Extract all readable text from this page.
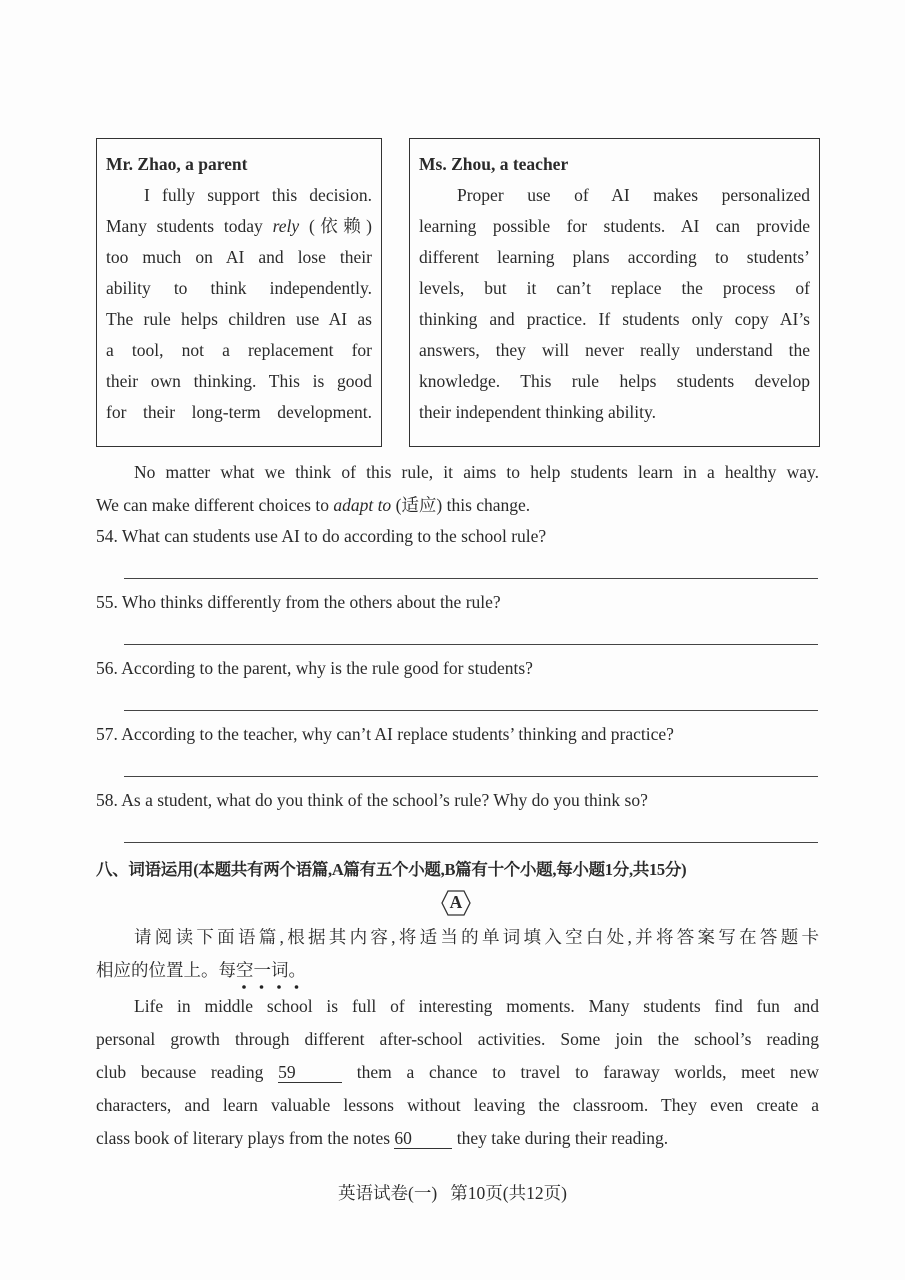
Mr. Zhao, a parent
I fully support this decision.
Many students today rely (依赖)
too much on AI and lose their
ability to think independently.
The rule helps children use AI as
a tool, not a replacement for
their own thinking. This is good
for their long-term development.
Ms. Zhou, a teacher
Proper use of AI makes personalized
learning possible for students. AI can provide
different learning plans according to students’
levels, but it can’t replace the process of
thinking and practice. If students only copy AI’s
answers, they will never really understand the
knowledge. This rule helps students develop
their independent thinking ability.
No matter what we think of this rule, it aims to help students learn in a healthy way.
We can make different choices to adapt to (适应) this change.
54. What can students use AI to do according to the school rule?
55. Who thinks differently from the others about the rule?
56. According to the parent, why is the rule good for students?
57. According to the teacher, why can’t AI replace students’ thinking and practice?
58. As a student, what do you think of the school’s rule? Why do you think so?
八、词语运用(本题共有两个语篇,A篇有五个小题,B篇有十个小题,每小题1分,共15分)
A
请阅读下面语篇,根据其内容,将适当的单词填入空白处,并将答案写在答题卡
相应的位置上。每空一词。
Life in middle school is full of interesting moments. Many students find fun and
personal growth through different after-school activities. Some join the school’s reading
club because reading 59	them a chance to travel to faraway worlds, meet new
characters, and learn valuable lessons without leaving the classroom. They even create a
class book of literary plays from the notes 60	they take during their reading.
英语试卷(一)   第10页(共12页)
